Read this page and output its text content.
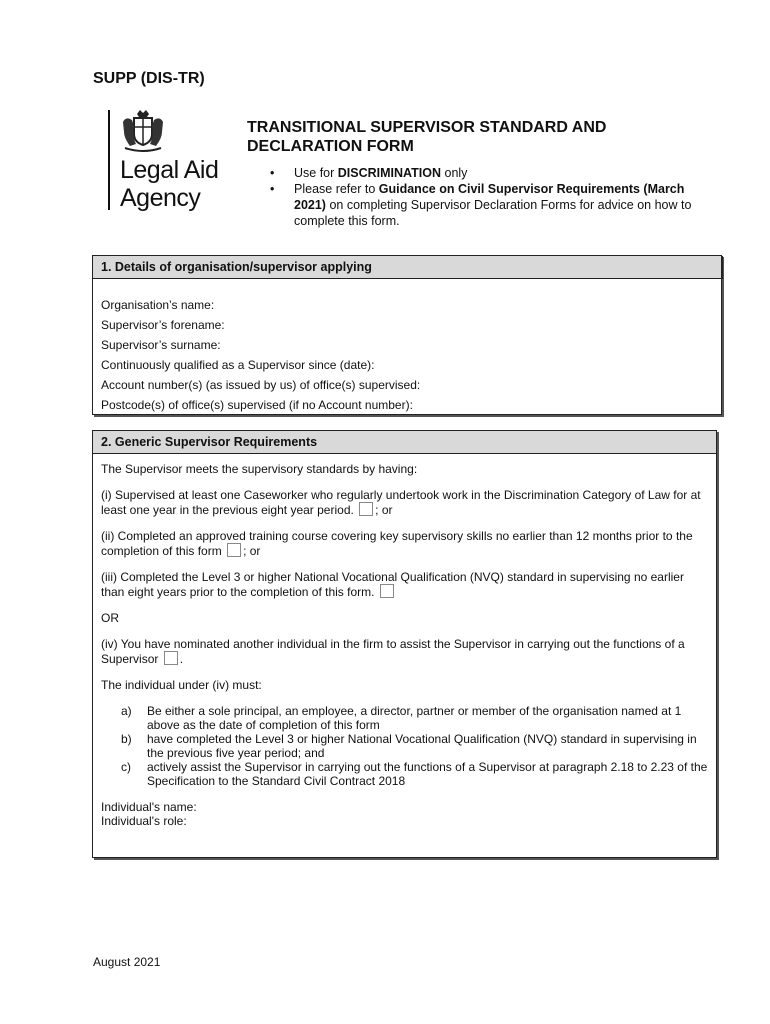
SUPP (DIS-TR)
Legal Aid
Agency
TRANSITIONAL SUPERVISOR STANDARD AND DECLARATION FORM
• Use for DISCRIMINATION only
• Please refer to Guidance on Civil Supervisor Requirements (March 2021) on completing Supervisor Declaration Forms for advice on how to complete this form.
1. Details of organisation/supervisor applying
Organisation’s name:
Supervisor’s forename:
Supervisor’s surname:
Continuously qualified as a Supervisor since (date):
Account number(s) (as issued by us) of office(s) supervised:
Postcode(s) of office(s) supervised (if no Account number):
2. Generic Supervisor Requirements

The Supervisor meets the supervisory standards by having:

(i) Supervised at least one Caseworker who regularly undertook work in the Discrimination Category of Law for at least one year in the previous eight year period. ; or

(ii) Completed an approved training course covering key supervisory skills no earlier than 12 months prior to the completion of this form ; or

(iii) Completed the Level 3 or higher National Vocational Qualification (NVQ) standard in supervising no earlier than eight years prior to the completion of this form.

OR

(iv) You have nominated another individual in the firm to assist the Supervisor in carrying out the functions of a Supervisor .

The individual under (iv) must:

a) Be either a sole principal, an employee, a director, partner or member of the organisation named at 1 above as the date of completion of this form
b) have completed the Level 3 or higher National Vocational Qualification (NVQ) standard in supervising in the previous five year period; and
c) actively assist the Supervisor in carrying out the functions of a Supervisor at paragraph 2.18 to 2.23 of the Specification to the Standard Civil Contract 2018
Individual's name:
Individual's role:
August 2021
